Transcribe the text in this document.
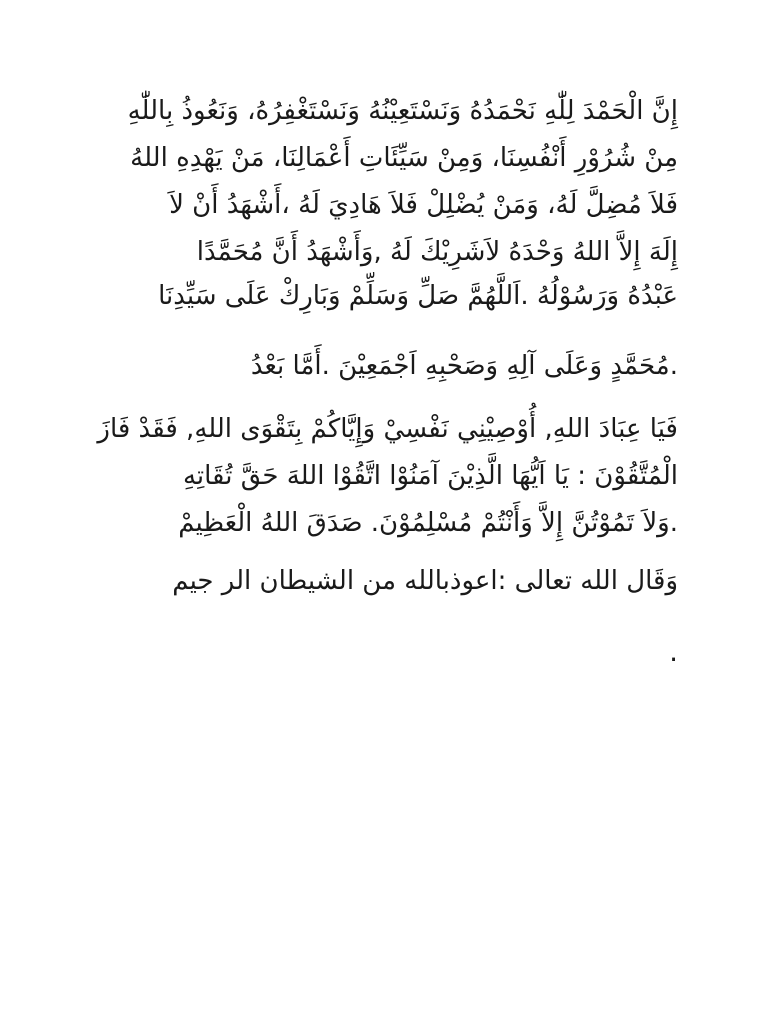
إِنَّ الْحَمْدَ لِلّٰهِ نَحْمَدُهُ وَنَسْتَعِيْنُهُ وَنَسْتَغْفِرُهُ، وَنَعُوذُ بِاللّٰهِ
مِنْ شُرُوْرِ أَنْفُسِنَا، وَمِنْ سَيِّئَاتِ أَعْمَالِنَا، مَنْ يَهْدِهِ اللهُ
فَلاَ مُضِلَّ لَهُ، وَمَنْ يُضْلِلْ فَلاَ هَادِيَ لَهُ ،أَشْهَدُ أَنْ لاَ
إِلَهَ إِلاَّ اللهُ وَحْدَهُ لاَشَرِيْكَ لَهُ ,وَأَشْهَدُ أَنَّ مُحَمَّدًا
عَبْدُهُ وَرَسُوْلُهُ .اَللَّهُمَّ صَلِّ وَسَلِّمْ وَبَارِكْ عَلَى سَيِّدِنَا
.مُحَمَّدٍ وَعَلَى آلِهِ وَصَحْبِهِ اَجْمَعِيْنَ .أَمَّا بَعْدُ
فَيَا عِبَادَ اللهِ, أُوْصِيْنِي نَفْسِيْ وَإِيَّاكُمْ بِتَقْوَى اللهِ, فَقَدْ فَازَ
الْمُتَّقُوْنَ : يَا اَيُّهَا الَّذِيْنَ آمَنُوْا اتَّقُوْا اللهَ حَقَّ تُقَاتِهِ
.وَلاَ تَمُوْتُنَّ إِلاَّ وَأَنْتُمْ مُسْلِمُوْنَ. صَدَقَ اللهُ الْعَظِيمْ
وَقَال الله تعالى :اعوذبالله من الشيطان الر جيم
.
